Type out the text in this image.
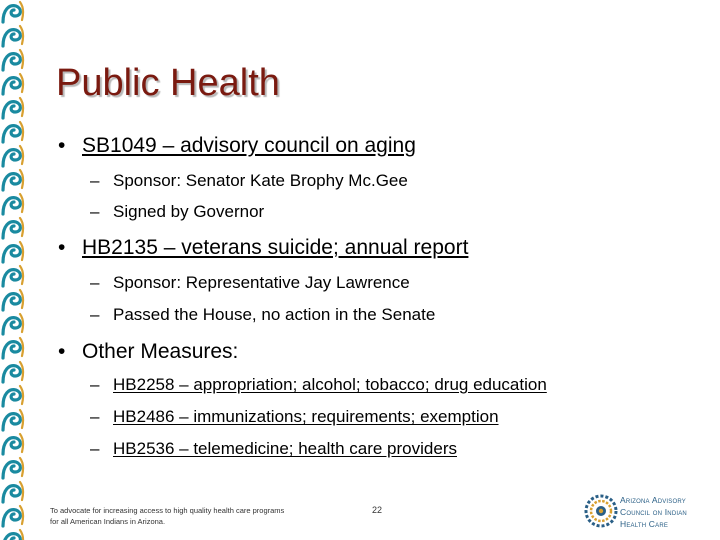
Public Health
• SB1049 – advisory council on aging
– Sponsor: Senator Kate Brophy Mc.Gee
– Signed by Governor
• HB2135 – veterans suicide; annual report
– Sponsor: Representative Jay Lawrence
– Passed the House, no action in the Senate
• Other Measures:
– HB2258 – appropriation; alcohol; tobacco; drug education
– HB2486 – immunizations; requirements; exemption
– HB2536 – telemedicine; health care providers
To advocate for increasing access to high quality health care programs for all American Indians in Arizona.
22
Arizona Advisory
Council on Indian
Health Care
